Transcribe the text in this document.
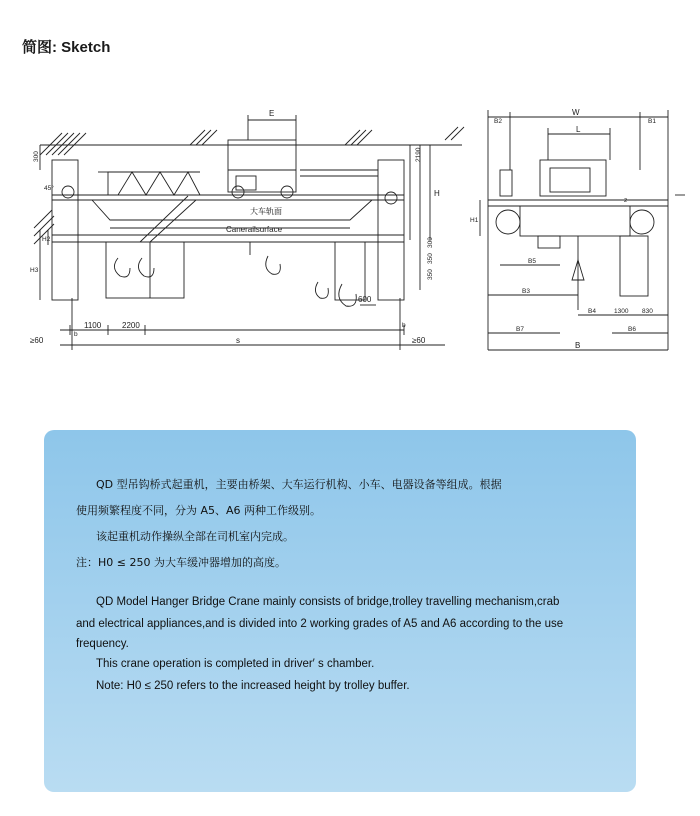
简图: Sketch
E
300
45°
大车轨面
Canerailsurface
H
H2
H3
2190
300
350
350
600
1100	2200
b
b
s
≥60	≥60
B2
W
B1
L
H1
z
B5
B3
B4	1300 830
B7	B6
B

QD 型吊钩桥式起重机，主要由桥架、大车运行机构、小车、电器设备等组成。根据

使用频繁程度不同，分为 A5、A6 两种工作级别。

该起重机动作操纵全部在司机室内完成。

注：H0 ≤ 250 为大车缓冲器增加的高度。

QD Model Hanger Bridge Crane mainly consists of bridge,trolley travelling mechanism,crab

and electrical appliances,and is divided into 2 working grades of A5 and A6 according to the use

frequency.

This crane operation is completed in driver′ s chamber.

Note: H0 ≤ 250 refers to the increased height by trolley buffer.
